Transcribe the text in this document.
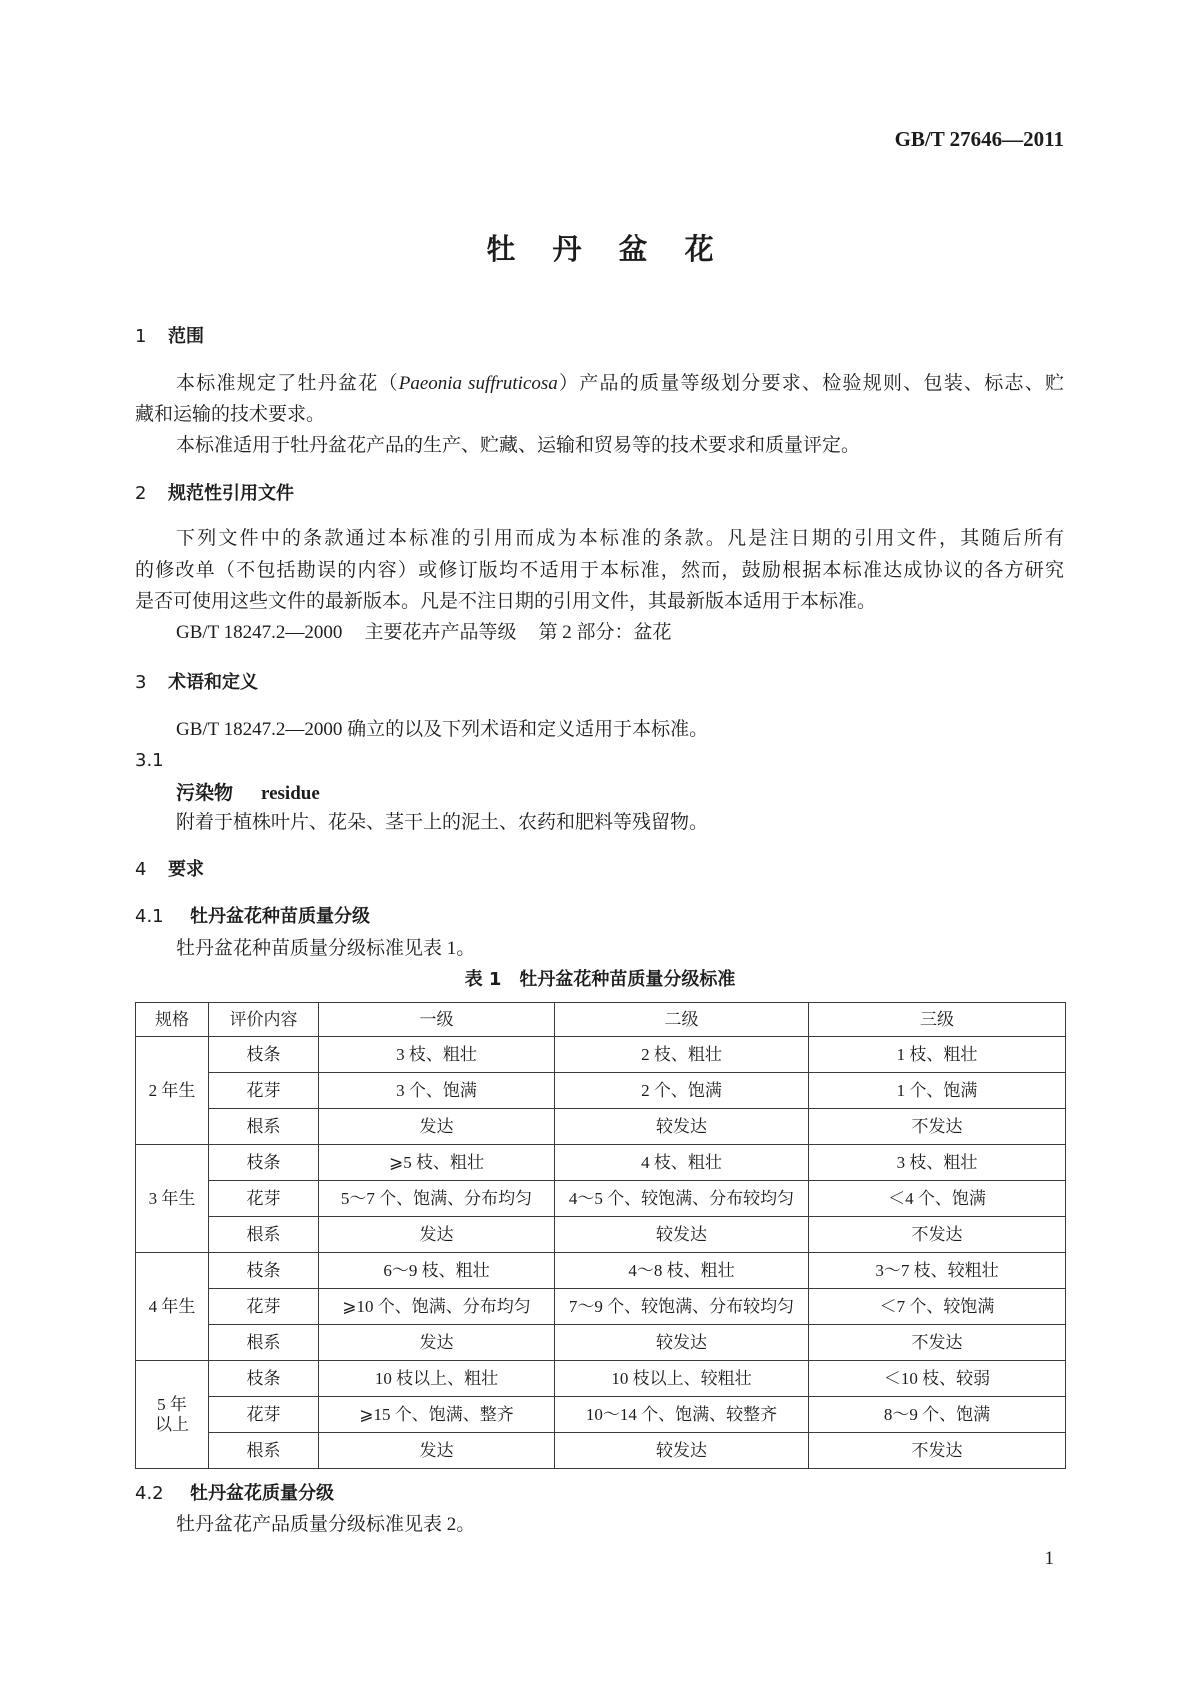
GB/T 27646—2011
牡 丹 盆 花
1 范围
本标准规定了牡丹盆花（Paeonia suffruticosa）产品的质量等级划分要求、检验规则、包装、标志、贮
藏和运输的技术要求。
本标准适用于牡丹盆花产品的生产、贮藏、运输和贸易等的技术要求和质量评定。
2 规范性引用文件
下列文件中的条款通过本标准的引用而成为本标准的条款。凡是注日期的引用文件，其随后所有
的修改单（不包括勘误的内容）或修订版均不适用于本标准，然而，鼓励根据本标准达成协议的各方研究
是否可使用这些文件的最新版本。凡是不注日期的引用文件，其最新版本适用于本标准。
GB/T 18247.2—2000 主要花卉产品等级 第 2 部分：盆花
3 术语和定义
GB/T 18247.2—2000 确立的以及下列术语和定义适用于本标准。
3.1
污染物 residue
附着于植株叶片、花朵、茎干上的泥土、农药和肥料等残留物。
4 要求
4.1 牡丹盆花种苗质量分级
牡丹盆花种苗质量分级标准见表 1。
表 1 牡丹盆花种苗质量分级标准
规格	评价内容	一级	二级	三级

2 年生	枝条	3 枝、粗壮	2 枝、粗壮	1 枝、粗壮
	花芽	3 个、饱满	2 个、饱满	1 个、饱满
	根系	发达	较发达	不发达

3 年生	枝条	⩾5 枝、粗壮	4 枝、粗壮	3 枝、粗壮
	花芽	5～7 个、饱满、分布均匀	4～5 个、较饱满、分布较均匀	＜4 个、饱满
	根系	发达	较发达	不发达

4 年生	枝条	6～9 枝、粗壮	4～8 枝、粗壮	3～7 枝、较粗壮
	花芽	⩾10 个、饱满、分布均匀	7～9 个、较饱满、分布较均匀	＜7 个、较饱满
	根系	发达	较发达	不发达

5 年
以上	枝条	10 枝以上、粗壮	10 枝以上、较粗壮	＜10 枝、较弱
	花芽	⩾15 个、饱满、整齐	10～14 个、饱满、较整齐	8～9 个、饱满
	根系	发达	较发达	不发达
4.2 牡丹盆花质量分级
牡丹盆花产品质量分级标准见表 2。
1
